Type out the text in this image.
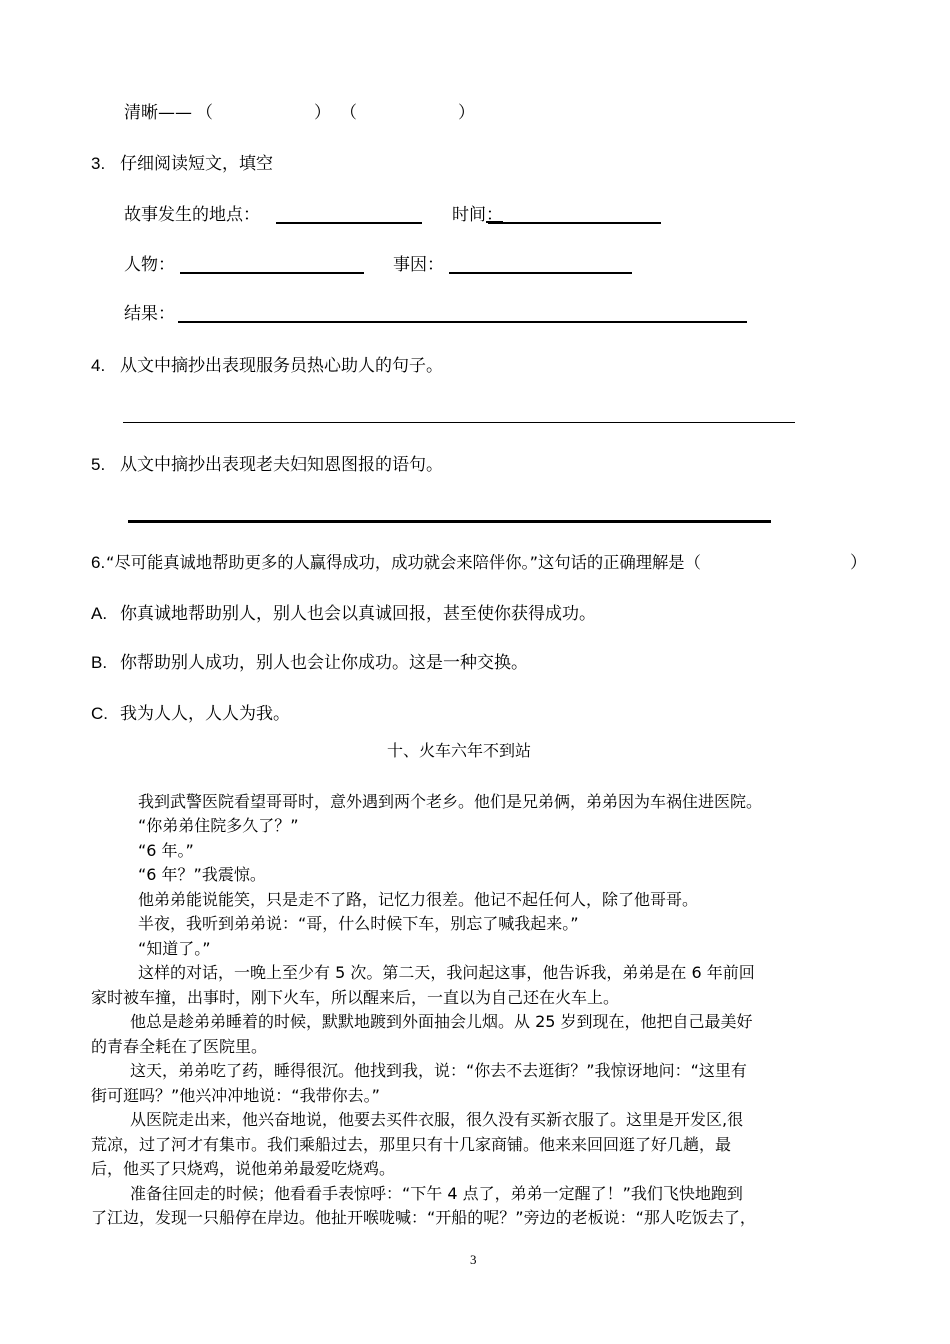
清晰—— （	） （	）
3. 仔细阅读短文，填空
故事发生的地点：	时间 ：
人物：	事因：
结果：
4. 从文中摘抄出表现服务员热心助人的句子。
5. 从文中摘抄出表现老夫妇知恩图报的语句。
6. “尽可能真诚地帮助更多的人赢得成功，成功就会来陪伴你。”这句话的正确理解是（	）
A. 你真诚地帮助别人，别人也会以真诚回报，甚至使你获得成功。
B. 你帮助别人成功，别人也会让你成功。这是一种交换。
C. 我为人人，人人为我。
十、火车六年不到站
我到武警医院看望哥哥时，意外遇到两个老乡。他们是兄弟俩，弟弟因为车祸住进医院。
“你弟弟住院多久了？”
“6 年。”
“6 年？”我震惊。
他弟弟能说能笑，只是走不了路，记忆力很差。他记不起任何人，除了他哥哥。
半夜，我听到弟弟说：“哥，什么时候下车，别忘了喊我起来。”
“知道了。”
这样的对话，一晚上至少有 5 次。第二天，我问起这事，他告诉我，弟弟是在 6 年前回
家时被车撞，出事时，刚下火车，所以醒来后，一直以为自己还在火车上。
他总是趁弟弟睡着的时候，默默地踱到外面抽会儿烟。从 25 岁到现在，他把自己最美好
的青春全耗在了医院里。
这天，弟弟吃了药，睡得很沉。他找到我，说：“你去不去逛街？”我惊讶地问：“这里有
街可逛吗？”他兴冲冲地说：“我带你去。”
从医院走出来，他兴奋地说，他要去买件衣服，很久没有买新衣服了。这里是开发区,很
荒凉，过了河才有集市。我们乘船过去，那里只有十几家商铺。他来来回回逛了好几趟，最
后，他买了只烧鸡，说他弟弟最爱吃烧鸡。
准备往回走的时候；他看看手表惊呼：“下午 4 点了，弟弟一定醒了！”我们飞快地跑到
了江边，发现一只船停在岸边。他扯开喉咙喊：“开船的呢？”旁边的老板说：“那人吃饭去了，
3
